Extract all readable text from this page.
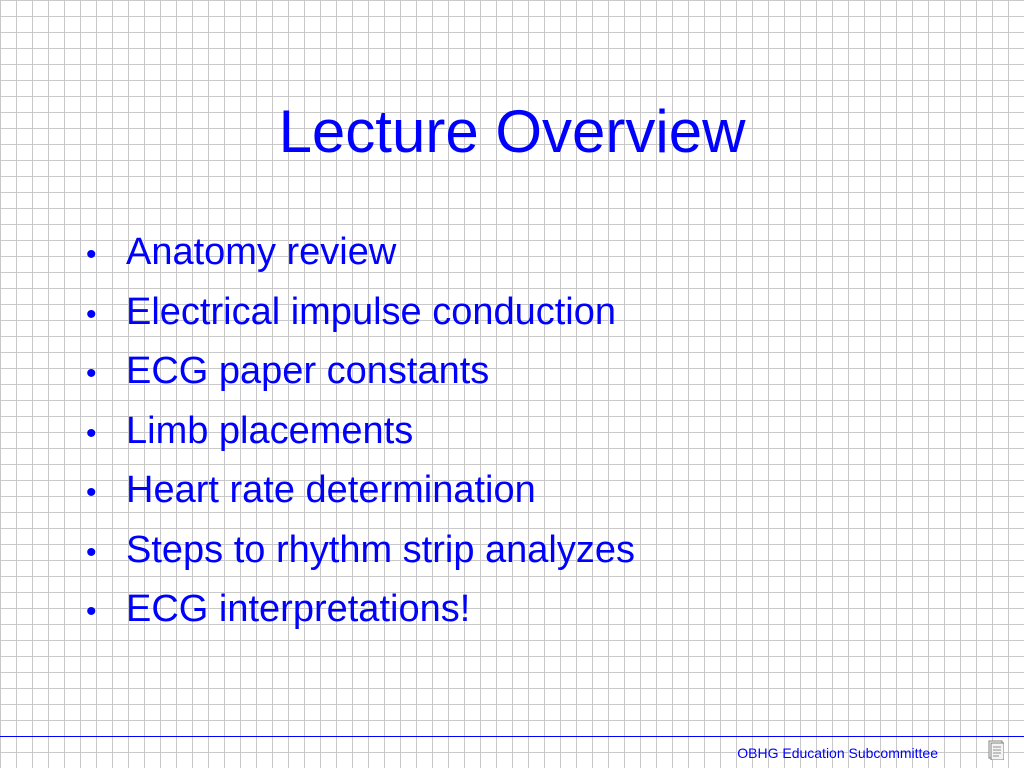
Lecture Overview
• Anatomy review
• Electrical impulse conduction
• ECG paper constants
• Limb placements
• Heart rate determination
• Steps to rhythm strip analyzes
• ECG interpretations!
OBHG Education Subcommittee
